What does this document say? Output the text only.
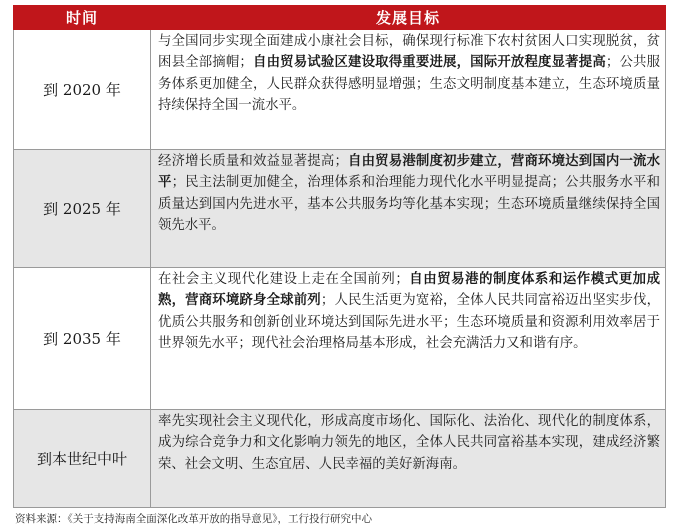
时间	发展目标
到 2020 年	与全国同步实现全面建成小康社会目标，确保现行标准下农村贫困人口实现脱贫，贫困县全部摘帽；自由贸易试验区建设取得重要进展，国际开放程度显著提高；公共服务体系更加健全，人民群众获得感明显增强；生态文明制度基本建立，生态环境质量持续保持全国一流水平。

到 2025 年	经济增长质量和效益显著提高；自由贸易港制度初步建立，营商环境达到国内一流水平；民主法制更加健全，治理体系和治理能力现代化水平明显提高；公共服务水平和质量达到国内先进水平，基本公共服务均等化基本实现；生态环境质量继续保持全国领先水平。

到 2035 年	在社会主义现代化建设上走在全国前列；自由贸易港的制度体系和运作模式更加成熟，营商环境跻身全球前列；人民生活更为宽裕，全体人民共同富裕迈出坚实步伐，优质公共服务和创新创业环境达到国际先进水平；生态环境质量和资源利用效率居于世界领先水平；现代社会治理格局基本形成，社会充满活力又和谐有序。

到本世纪中叶	率先实现社会主义现代化，形成高度市场化、国际化、法治化、现代化的制度体系，成为综合竞争力和文化影响力领先的地区，全体人民共同富裕基本实现，建成经济繁荣、社会文明、生态宜居、人民幸福的美好新海南。
资料来源：《关于支持海南全面深化改革开放的指导意见》，工行投行研究中心
